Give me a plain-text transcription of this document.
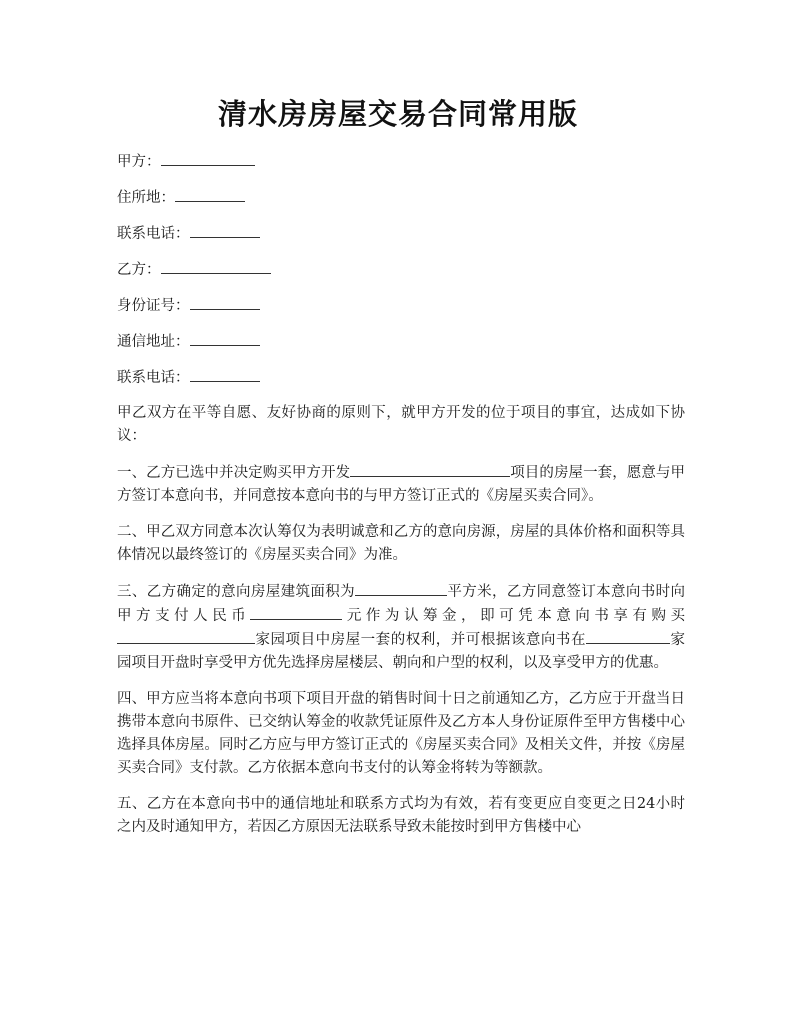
清水房房屋交易合同常用版
甲方：
住所地：
联系电话：
乙方：
身份证号：
通信地址：
联系电话：

甲乙双方在平等自愿、友好协商的原则下，就甲方开发的位于项目的事宜，达成如下协议：

一、乙方已选中并决定购买甲方开发	项目的房屋一套，愿意与甲方签订本意向书，并同意按本意向书的与甲方签订正式的《房屋买卖合同》。

二、甲乙双方同意本次认筹仅为表明诚意和乙方的意向房源，房屋的具体价格和面积等具体情况以最终签订的《房屋买卖合同》为准。

三、乙方确定的意向房屋建筑面积为	平方米，乙方同意签订本意向书时向甲方支付人民币	元作为认筹金，即可凭本意向书享有购买家园项目中房屋一套的权利，并可根据该意向书在	家园项目开盘时享受甲方优先选择房屋楼层、朝向和户型的权利，以及享受甲方的优惠。

四、甲方应当将本意向书项下项目开盘的销售时间十日之前通知乙方，乙方应于开盘当日携带本意向书原件、已交纳认筹金的收款凭证原件及乙方本人身份证原件至甲方售楼中心选择具体房屋。同时乙方应与甲方签订正式的《房屋买卖合同》及相关文件，并按《房屋买卖合同》支付款。乙方依据本意向书支付的认筹金将转为等额款。

五、乙方在本意向书中的通信地址和联系方式均为有效，若有变更应自变更之日24小时之内及时通知甲方，若因乙方原因无法联系导致未能按时到甲方售楼中心
